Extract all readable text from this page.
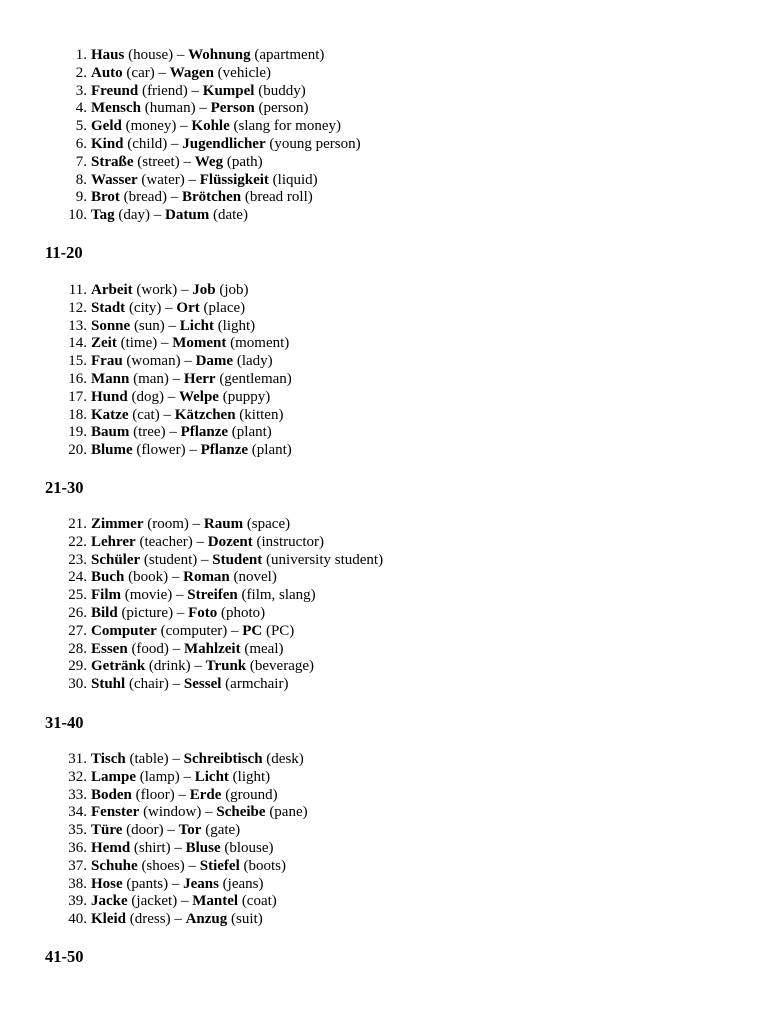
1. Haus (house) – Wohnung (apartment)
2. Auto (car) – Wagen (vehicle)
3. Freund (friend) – Kumpel (buddy)
4. Mensch (human) – Person (person)
5. Geld (money) – Kohle (slang for money)
6. Kind (child) – Jugendlicher (young person)
7. Straße (street) – Weg (path)
8. Wasser (water) – Flüssigkeit (liquid)
9. Brot (bread) – Brötchen (bread roll)
10. Tag (day) – Datum (date)
11-20
11. Arbeit (work) – Job (job)
12. Stadt (city) – Ort (place)
13. Sonne (sun) – Licht (light)
14. Zeit (time) – Moment (moment)
15. Frau (woman) – Dame (lady)
16. Mann (man) – Herr (gentleman)
17. Hund (dog) – Welpe (puppy)
18. Katze (cat) – Kätzchen (kitten)
19. Baum (tree) – Pflanze (plant)
20. Blume (flower) – Pflanze (plant)
21-30
21. Zimmer (room) – Raum (space)
22. Lehrer (teacher) – Dozent (instructor)
23. Schüler (student) – Student (university student)
24. Buch (book) – Roman (novel)
25. Film (movie) – Streifen (film, slang)
26. Bild (picture) – Foto (photo)
27. Computer (computer) – PC (PC)
28. Essen (food) – Mahlzeit (meal)
29. Getränk (drink) – Trunk (beverage)
30. Stuhl (chair) – Sessel (armchair)
31-40
31. Tisch (table) – Schreibtisch (desk)
32. Lampe (lamp) – Licht (light)
33. Boden (floor) – Erde (ground)
34. Fenster (window) – Scheibe (pane)
35. Türe (door) – Tor (gate)
36. Hemd (shirt) – Bluse (blouse)
37. Schuhe (shoes) – Stiefel (boots)
38. Hose (pants) – Jeans (jeans)
39. Jacke (jacket) – Mantel (coat)
40. Kleid (dress) – Anzug (suit)
41-50
